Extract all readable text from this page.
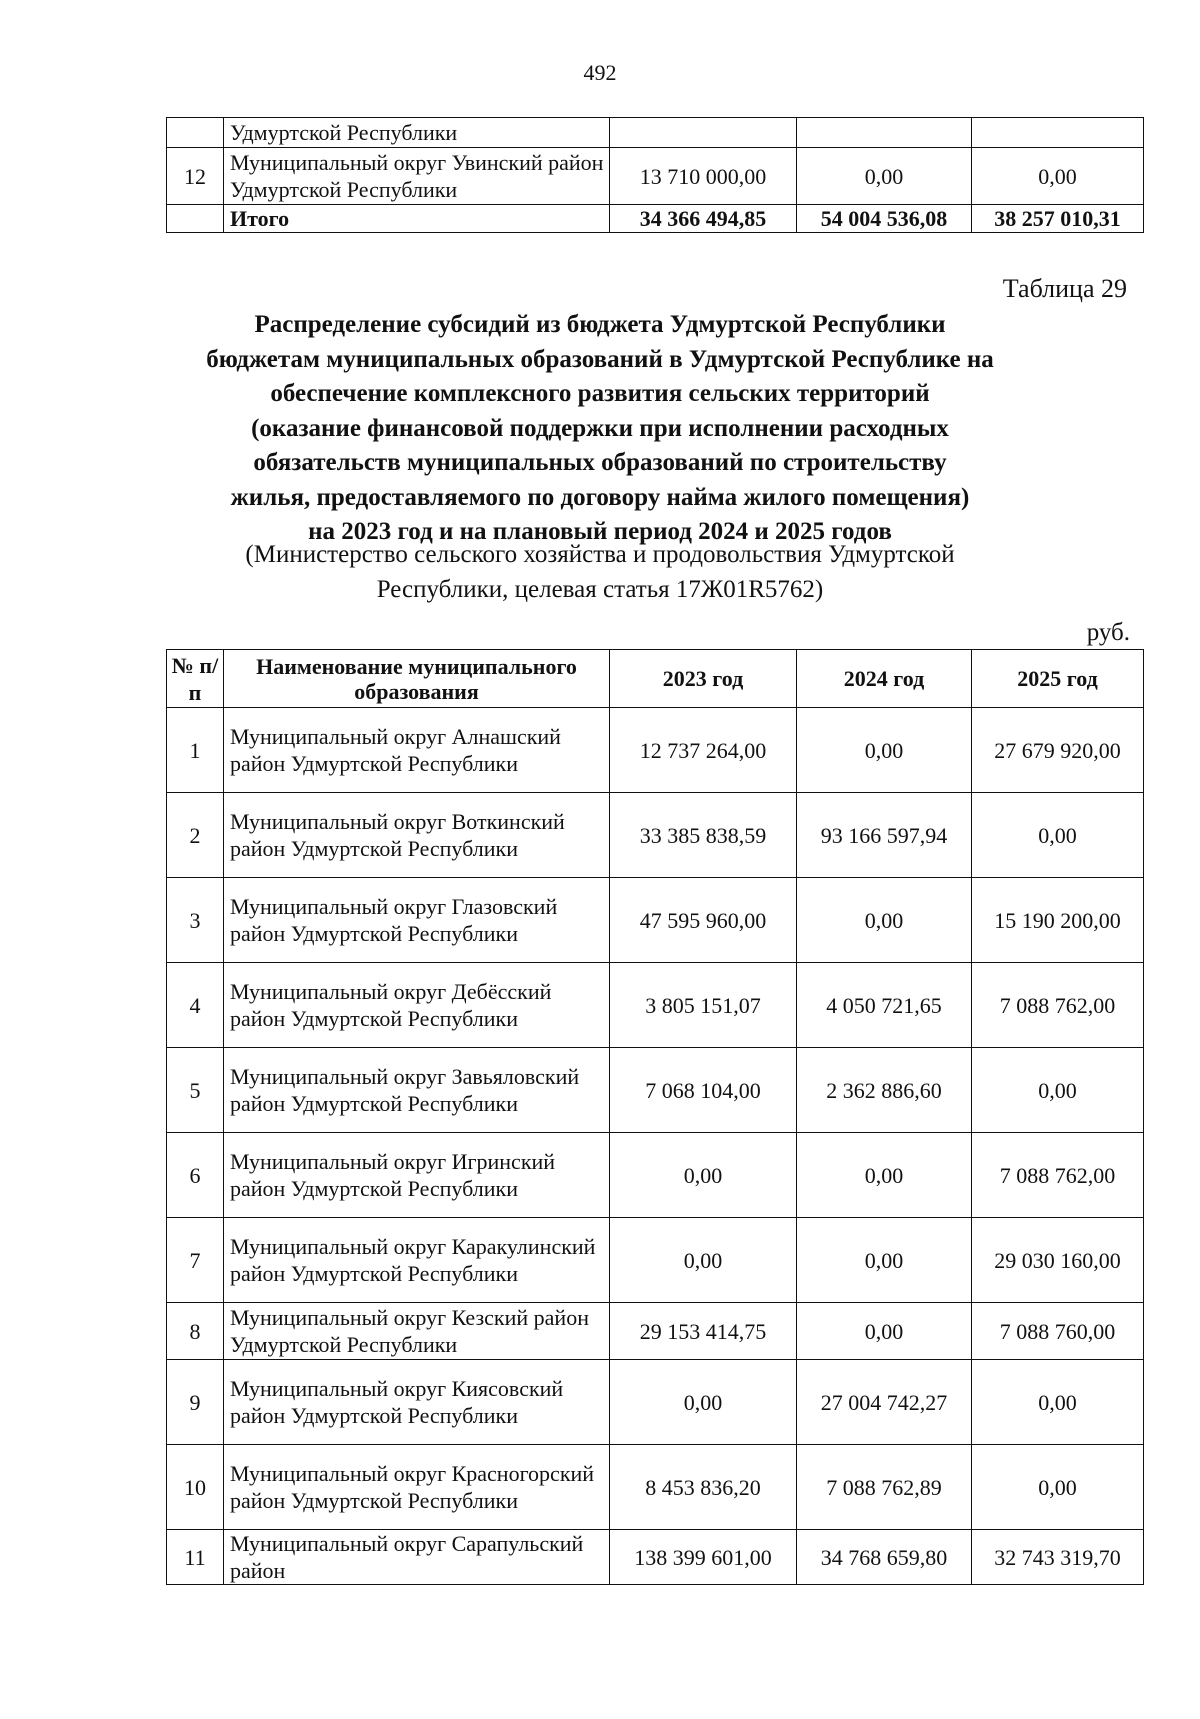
492
	Удмуртской Республики			
12	Муниципальный округ Увинский район Удмуртской Республики	13 710 000,00	0,00	0,00
	Итого	34 366 494,85	54 004 536,08	38 257 010,31
Таблица 29
Распределение субсидий из бюджета Удмуртской Республики
бюджетам муниципальных образований в Удмуртской Республике на
обеспечение комплексного развития сельских территорий
(оказание финансовой поддержки при исполнении расходных
обязательств муниципальных образований по строительству
жилья, предоставляемого по договору найма жилого помещения)
на 2023 год и на плановый период 2024 и 2025 годов
(Министерство сельского хозяйства и продовольствия Удмуртской
Республики, целевая статья 17Ж01R5762)
руб.
№ п/п	Наименование муниципального образования	2023 год	2024 год	2025 год
1	Муниципальный округ Алнашский район Удмуртской Республики	12 737 264,00	0,00	27 679 920,00
2	Муниципальный округ Воткинский район Удмуртской Республики	33 385 838,59	93 166 597,94	0,00
3	Муниципальный округ Глазовский район Удмуртской Республики	47 595 960,00	0,00	15 190 200,00
4	Муниципальный округ Дебёсский район Удмуртской Республики	3 805 151,07	4 050 721,65	7 088 762,00
5	Муниципальный округ Завьяловский район Удмуртской Республики	7 068 104,00	2 362 886,60	0,00
6	Муниципальный округ Игринский район Удмуртской Республики	0,00	0,00	7 088 762,00
7	Муниципальный округ Каракулинский район Удмуртской Республики	0,00	0,00	29 030 160,00
8	Муниципальный округ Кезский район Удмуртской Республики	29 153 414,75	0,00	7 088 760,00
9	Муниципальный округ Киясовский район Удмуртской Республики	0,00	27 004 742,27	0,00
10	Муниципальный округ Красногорский район Удмуртской Республики	8 453 836,20	7 088 762,89	0,00
11	Муниципальный округ Сарапульский район	138 399 601,00	34 768 659,80	32 743 319,70
